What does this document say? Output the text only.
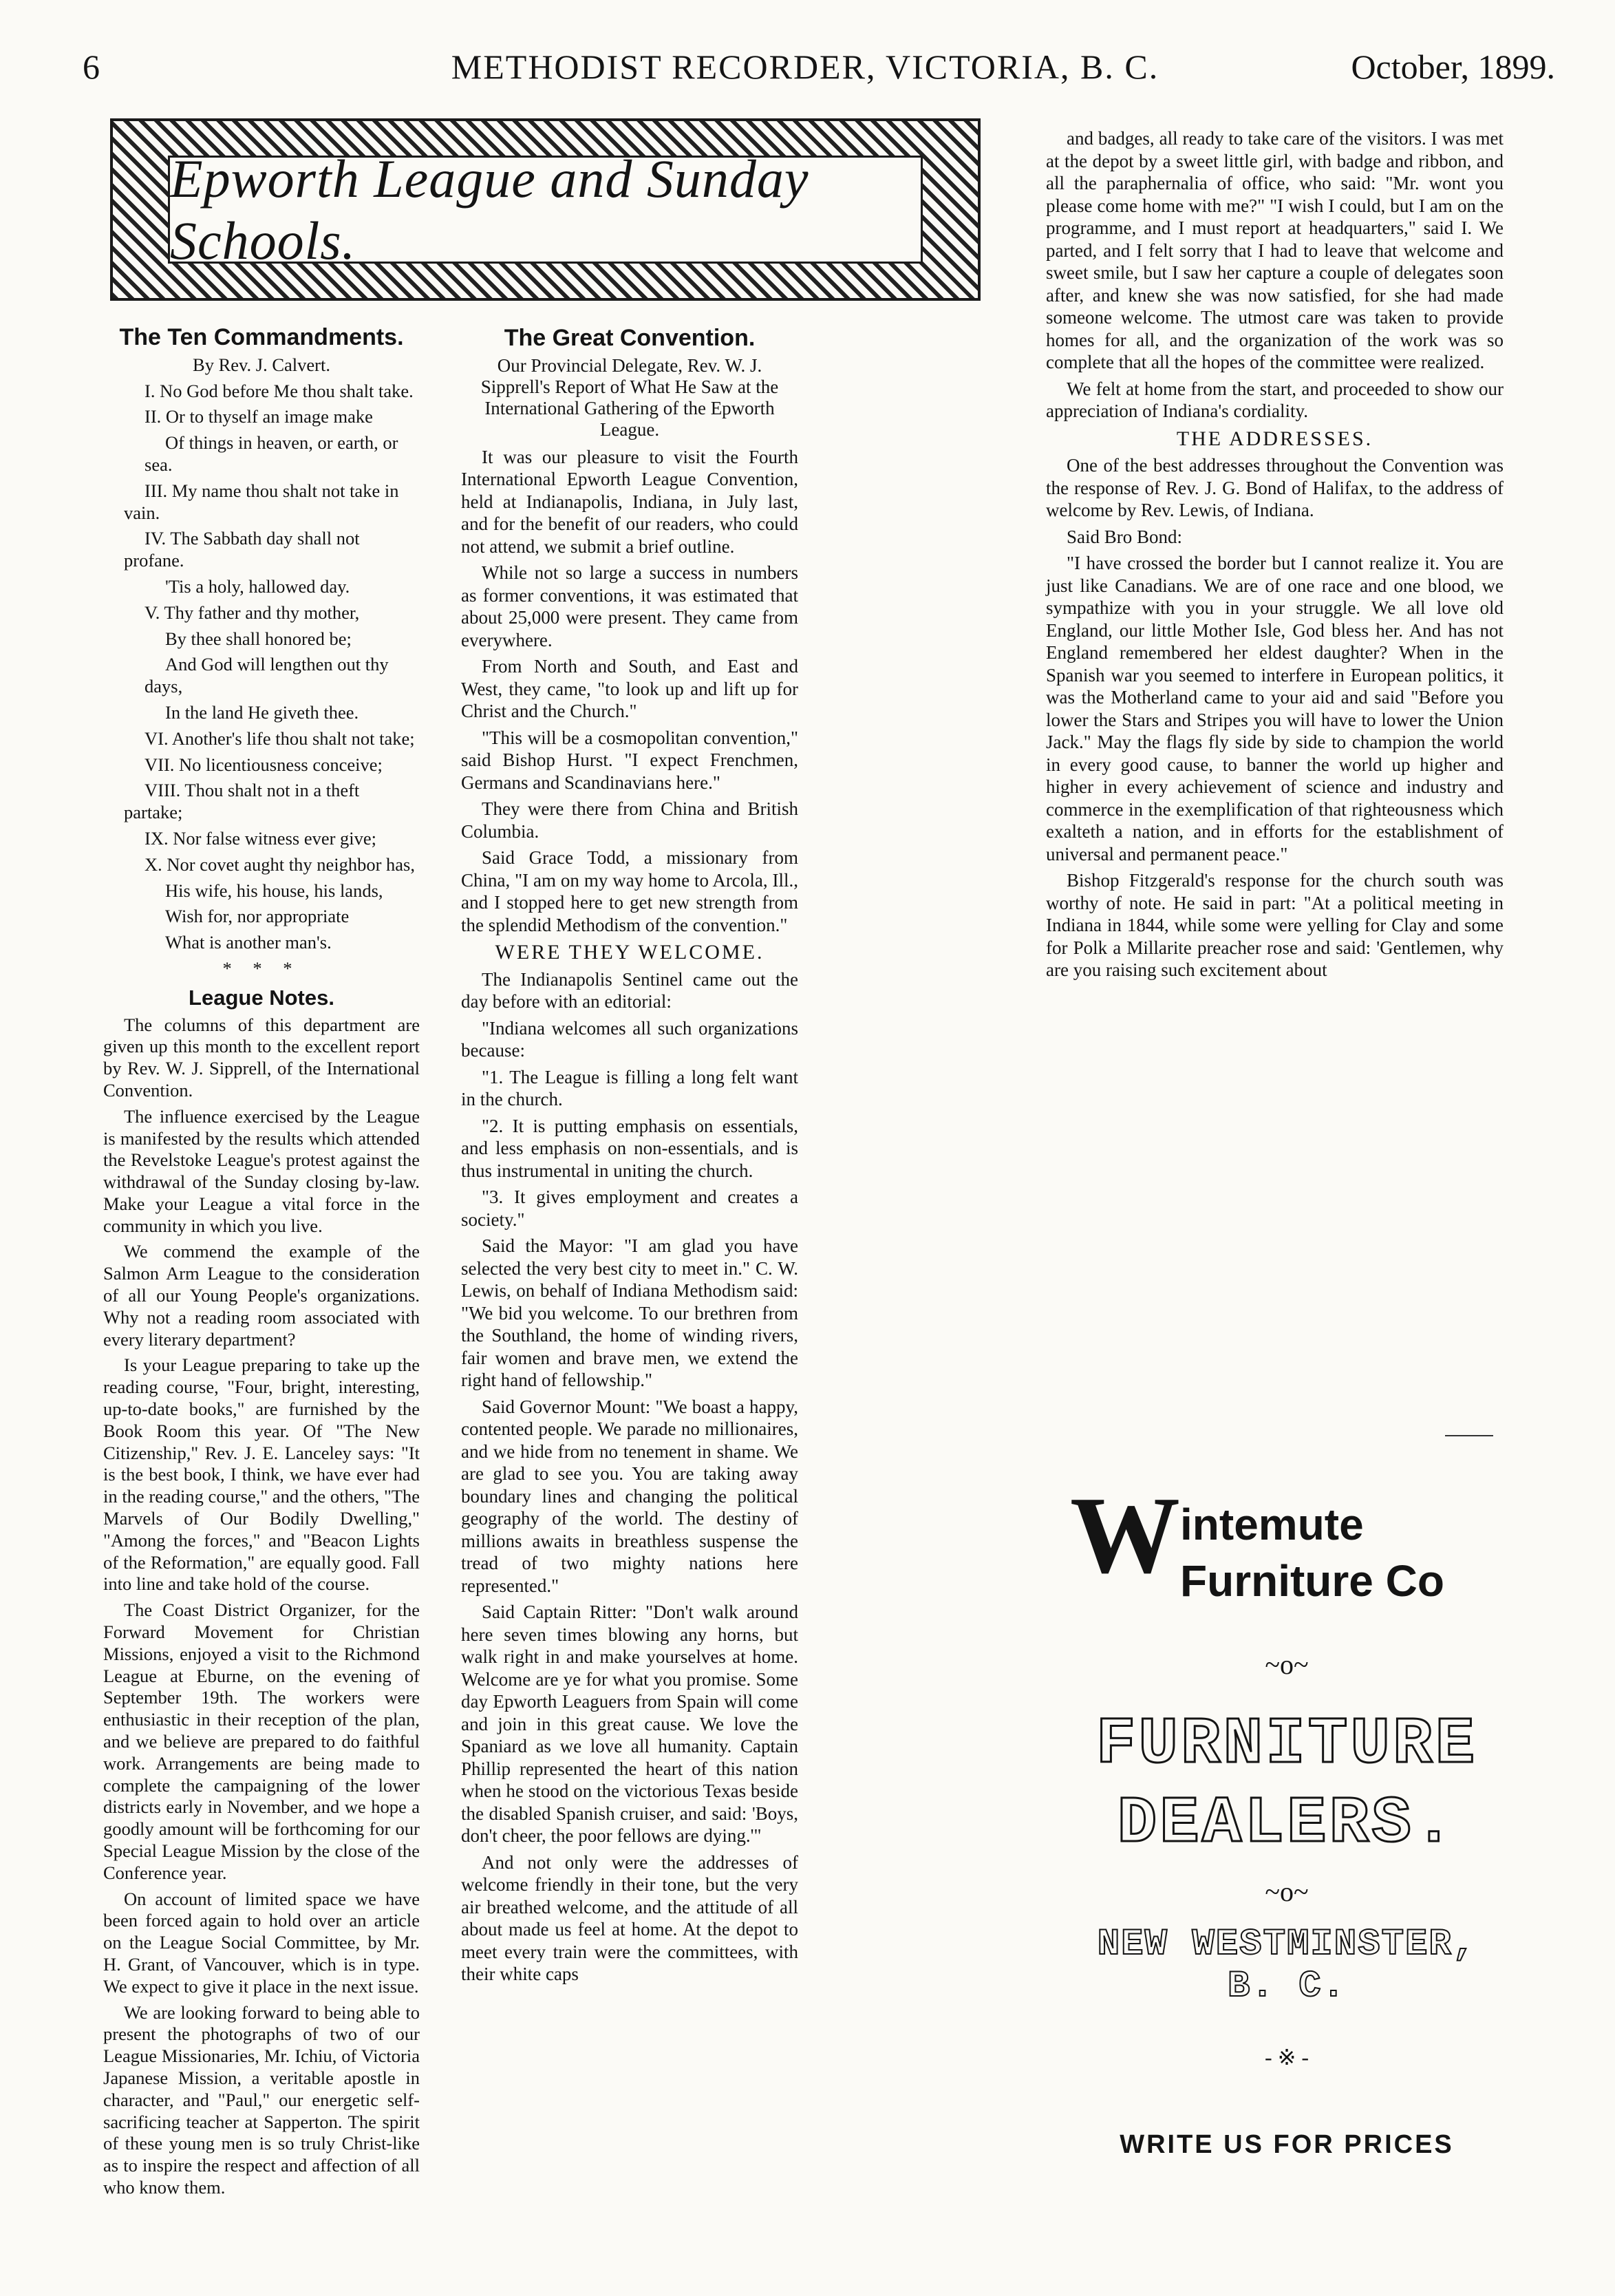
6	METHODIST RECORDER, VICTORIA, B. C.	October, 1899.
Epworth League and Sunday Schools.
The Ten Commandments.
By Rev. J. Calvert.

I. No God before Me thou shalt take.

II. Or to thyself an image make

Of things in heaven, or earth, or sea.

III. My name thou shalt not take in vain.

IV. The Sabbath day shall not profane.

'Tis a holy, hallowed day.

V. Thy father and thy mother,

By thee shall honored be;

And God will lengthen out thy days,

In the land He giveth thee.

VI. Another's life thou shalt not take;

VII. No licentiousness conceive;

VIII. Thou shalt not in a theft partake;

IX. Nor false witness ever give;

X. Nor covet aught thy neighbor has,

His wife, his house, his lands,

Wish for, nor appropriate

What is another man's.

* * *
League Notes.

The columns of this department are given up this month to the excellent report by Rev. W. J. Sipprell, of the International Convention.

The influence exercised by the League is manifested by the results which attended the Revelstoke League's protest against the withdrawal of the Sunday closing by-law. Make your League a vital force in the community in which you live.

We commend the example of the Salmon Arm League to the consideration of all our Young People's organizations. Why not a reading room associated with every literary department?

Is your League preparing to take up the reading course, "Four, bright, interesting, up-to-date books," are furnished by the Book Room this year. Of "The New Citizenship," Rev. J. E. Lanceley says: "It is the best book, I think, we have ever had in the reading course," and the others, "The Marvels of Our Bodily Dwelling," "Among the forces," and "Beacon Lights of the Reformation," are equally good. Fall into line and take hold of the course.

The Coast District Organizer, for the Forward Movement for Christian Missions, enjoyed a visit to the Richmond League at Eburne, on the evening of September 19th. The workers were enthusiastic in their reception of the plan, and we believe are prepared to do faithful work. Arrangements are being made to complete the campaigning of the lower districts early in November, and we hope a goodly amount will be forthcoming for our Special League Mission by the close of the Conference year.

On account of limited space we have been forced again to hold over an article on the League Social Committee, by Mr. H. Grant, of Vancouver, which is in type. We expect to give it place in the next issue.

We are looking forward to being able to present the photographs of two of our League Missionaries, Mr. Ichiu, of Victoria Japanese Mission, a veritable apostle in character, and "Paul," our energetic self-sacrificing teacher at Sapperton. The spirit of these young men is so truly Christ-like as to inspire the respect and affection of all who know them.

The Great Convention.
Our Provincial Delegate, Rev. W. J. Sipprell's Report of What He Saw at the International Gathering of the Epworth League.

It was our pleasure to visit the Fourth International Epworth League Convention, held at Indianapolis, Indiana, in July last, and for the benefit of our readers, who could not attend, we submit a brief outline.

While not so large a success in numbers as former conventions, it was estimated that about 25,000 were present. They came from everywhere.

From North and South, and East and West, they came, "to look up and lift up for Christ and the Church."

"This will be a cosmopolitan convention," said Bishop Hurst. "I expect Frenchmen, Germans and Scandinavians here."

They were there from China and British Columbia.

Said Grace Todd, a missionary from China, "I am on my way home to Arcola, Ill., and I stopped here to get new strength from the splendid Methodism of the convention."

WERE THEY WELCOME.

The Indianapolis Sentinel came out the day before with an editorial:

"Indiana welcomes all such organizations because:

"1. The League is filling a long felt want in the church.

"2. It is putting emphasis on essentials, and less emphasis on non-essentials, and is thus instrumental in uniting the church.

"3. It gives employment and creates a society."

Said the Mayor: "I am glad you have selected the very best city to meet in." C. W. Lewis, on behalf of Indiana Methodism said: "We bid you welcome. To our brethren from the Southland, the home of winding rivers, fair women and brave men, we extend the right hand of fellowship."

Said Governor Mount: "We boast a happy, contented people. We parade no millionaires, and we hide from no tenement in shame. We are glad to see you. You are taking away boundary lines and changing the political geography of the world. The destiny of millions awaits in breathless suspense the tread of two mighty nations here represented."

Said Captain Ritter: "Don't walk around here seven times blowing any horns, but walk right in and make yourselves at home. Welcome are ye for what you promise. Some day Epworth Leaguers from Spain will come and join in this great cause. We love the Spaniard as we love all humanity. Captain Phillip represented the heart of this nation when he stood on the victorious Texas beside the disabled Spanish cruiser, and said: 'Boys, don't cheer, the poor fellows are dying.'"

And not only were the addresses of welcome friendly in their tone, but the very air breathed welcome, and the attitude of all about made us feel at home. At the depot to meet every train were the committees, with their white caps

and badges, all ready to take care of the visitors. I was met at the depot by a sweet little girl, with badge and ribbon, and all the paraphernalia of office, who said: "Mr. wont you please come home with me?" "I wish I could, but I am on the programme, and I must report at headquarters," said I. We parted, and I felt sorry that I had to leave that welcome and sweet smile, but I saw her capture a couple of delegates soon after, and knew she was now satisfied, for she had made someone welcome. The utmost care was taken to provide homes for all, and the organization of the work was so complete that all the hopes of the committee were realized.

We felt at home from the start, and proceeded to show our appreciation of Indiana's cordiality.

THE ADDRESSES.

One of the best addresses throughout the Convention was the response of Rev. J. G. Bond of Halifax, to the address of welcome by Rev. Lewis, of Indiana.

Said Bro Bond:

"I have crossed the border but I cannot realize it. You are just like Canadians. We are of one race and one blood, we sympathize with you in your struggle. We all love old England, our little Mother Isle, God bless her. And has not England remembered her eldest daughter? When in the Spanish war you seemed to interfere in European politics, it was the Motherland came to your aid and said "Before you lower the Stars and Stripes you will have to lower the Union Jack." May the flags fly side by side to champion the world in every good cause, to banner the world up higher and higher in every achievement of science and industry and commerce in the exemplification of that righteousness which exalteth a nation, and in efforts for the establishment of universal and permanent peace."

Bishop Fitzgerald's response for the church south was worthy of note. He said in part: "At a political meeting in Indiana in 1844, while some were yelling for Clay and some for Polk a Millarite preacher rose and said: 'Gentlemen, why are you raising such excitement about

W intemute
Furniture Co
~o~
FURNITURE
DEALERS.
~o~
NEW WESTMINSTER, B. C.
- ※ -
WRITE US FOR PRICES
